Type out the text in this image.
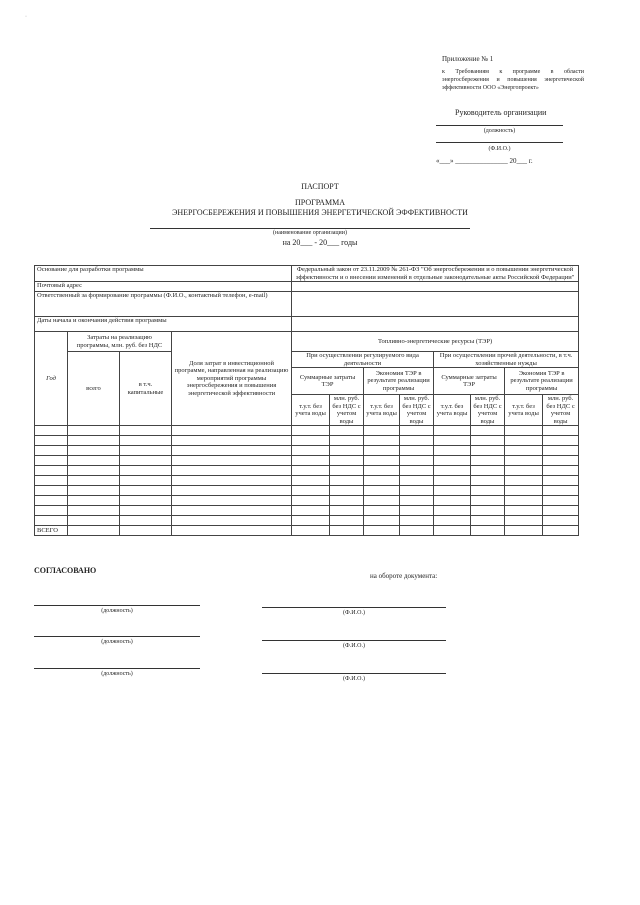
·
Приложение № 1
к Требованиям к программе в области энергосбережения и повышения энергетической эффективности ООО «Энергопроект»
Руководитель организации
(должность)
(Ф.И.О.)
«___» _______________ 20___ г.
ПАСПОРТ
ПРОГРАММА
ЭНЕРГОСБЕРЕЖЕНИЯ И ПОВЫШЕНИЯ ЭНЕРГЕТИЧЕСКОЙ ЭФФЕКТИВНОСТИ
(наименование организации)
на 20___ - 20___ годы
Основание для разработки программы				Федеральный закон от 23.11.2009 № 261-ФЗ "Об энергосбережении и о повышении энергетической эффективности и о внесении изменений в отдельные законодательные акты Российской Федерации"							
Почтовый адрес											
Ответственный за формирование программы (Ф.И.О., контактный телефон, e-mail)											
Даты начала и окончания действия программы											
Год	Затраты на реализацию программы, млн. руб. без НДС		Доля затрат в инвестиционной программе, направленная на реализацию мероприятий программы энергосбережения и повышения энергетической эффективности	Топливно-энергетические ресурсы (ТЭР)							
	всего	в т.ч. капитальные		При осуществлении регулируемого вида деятельности				При осуществлении прочей деятельности, в т.ч. хозяйственные нужды			
				Суммарные затраты ТЭР		Экономия ТЭР в результате реализации программы		Суммарные затраты ТЭР		Экономия ТЭР в результате реализации программы	
				т.у.т. без учета воды	млн. руб. без НДС с учетом воды	т.у.т. без учета воды	млн. руб. без НДС с учетом воды	т.у.т. без учета воды	млн. руб. без НДС с учетом воды	т.у.т. без учета воды	млн. руб. без НДС с учетом воды

ВСЕГО											
СОГЛАСОВАНО
на обороте документа:
(должность)	(Ф.И.О.)
(должность)
(Ф.И.О.)
(должность)
(Ф.И.О.)
